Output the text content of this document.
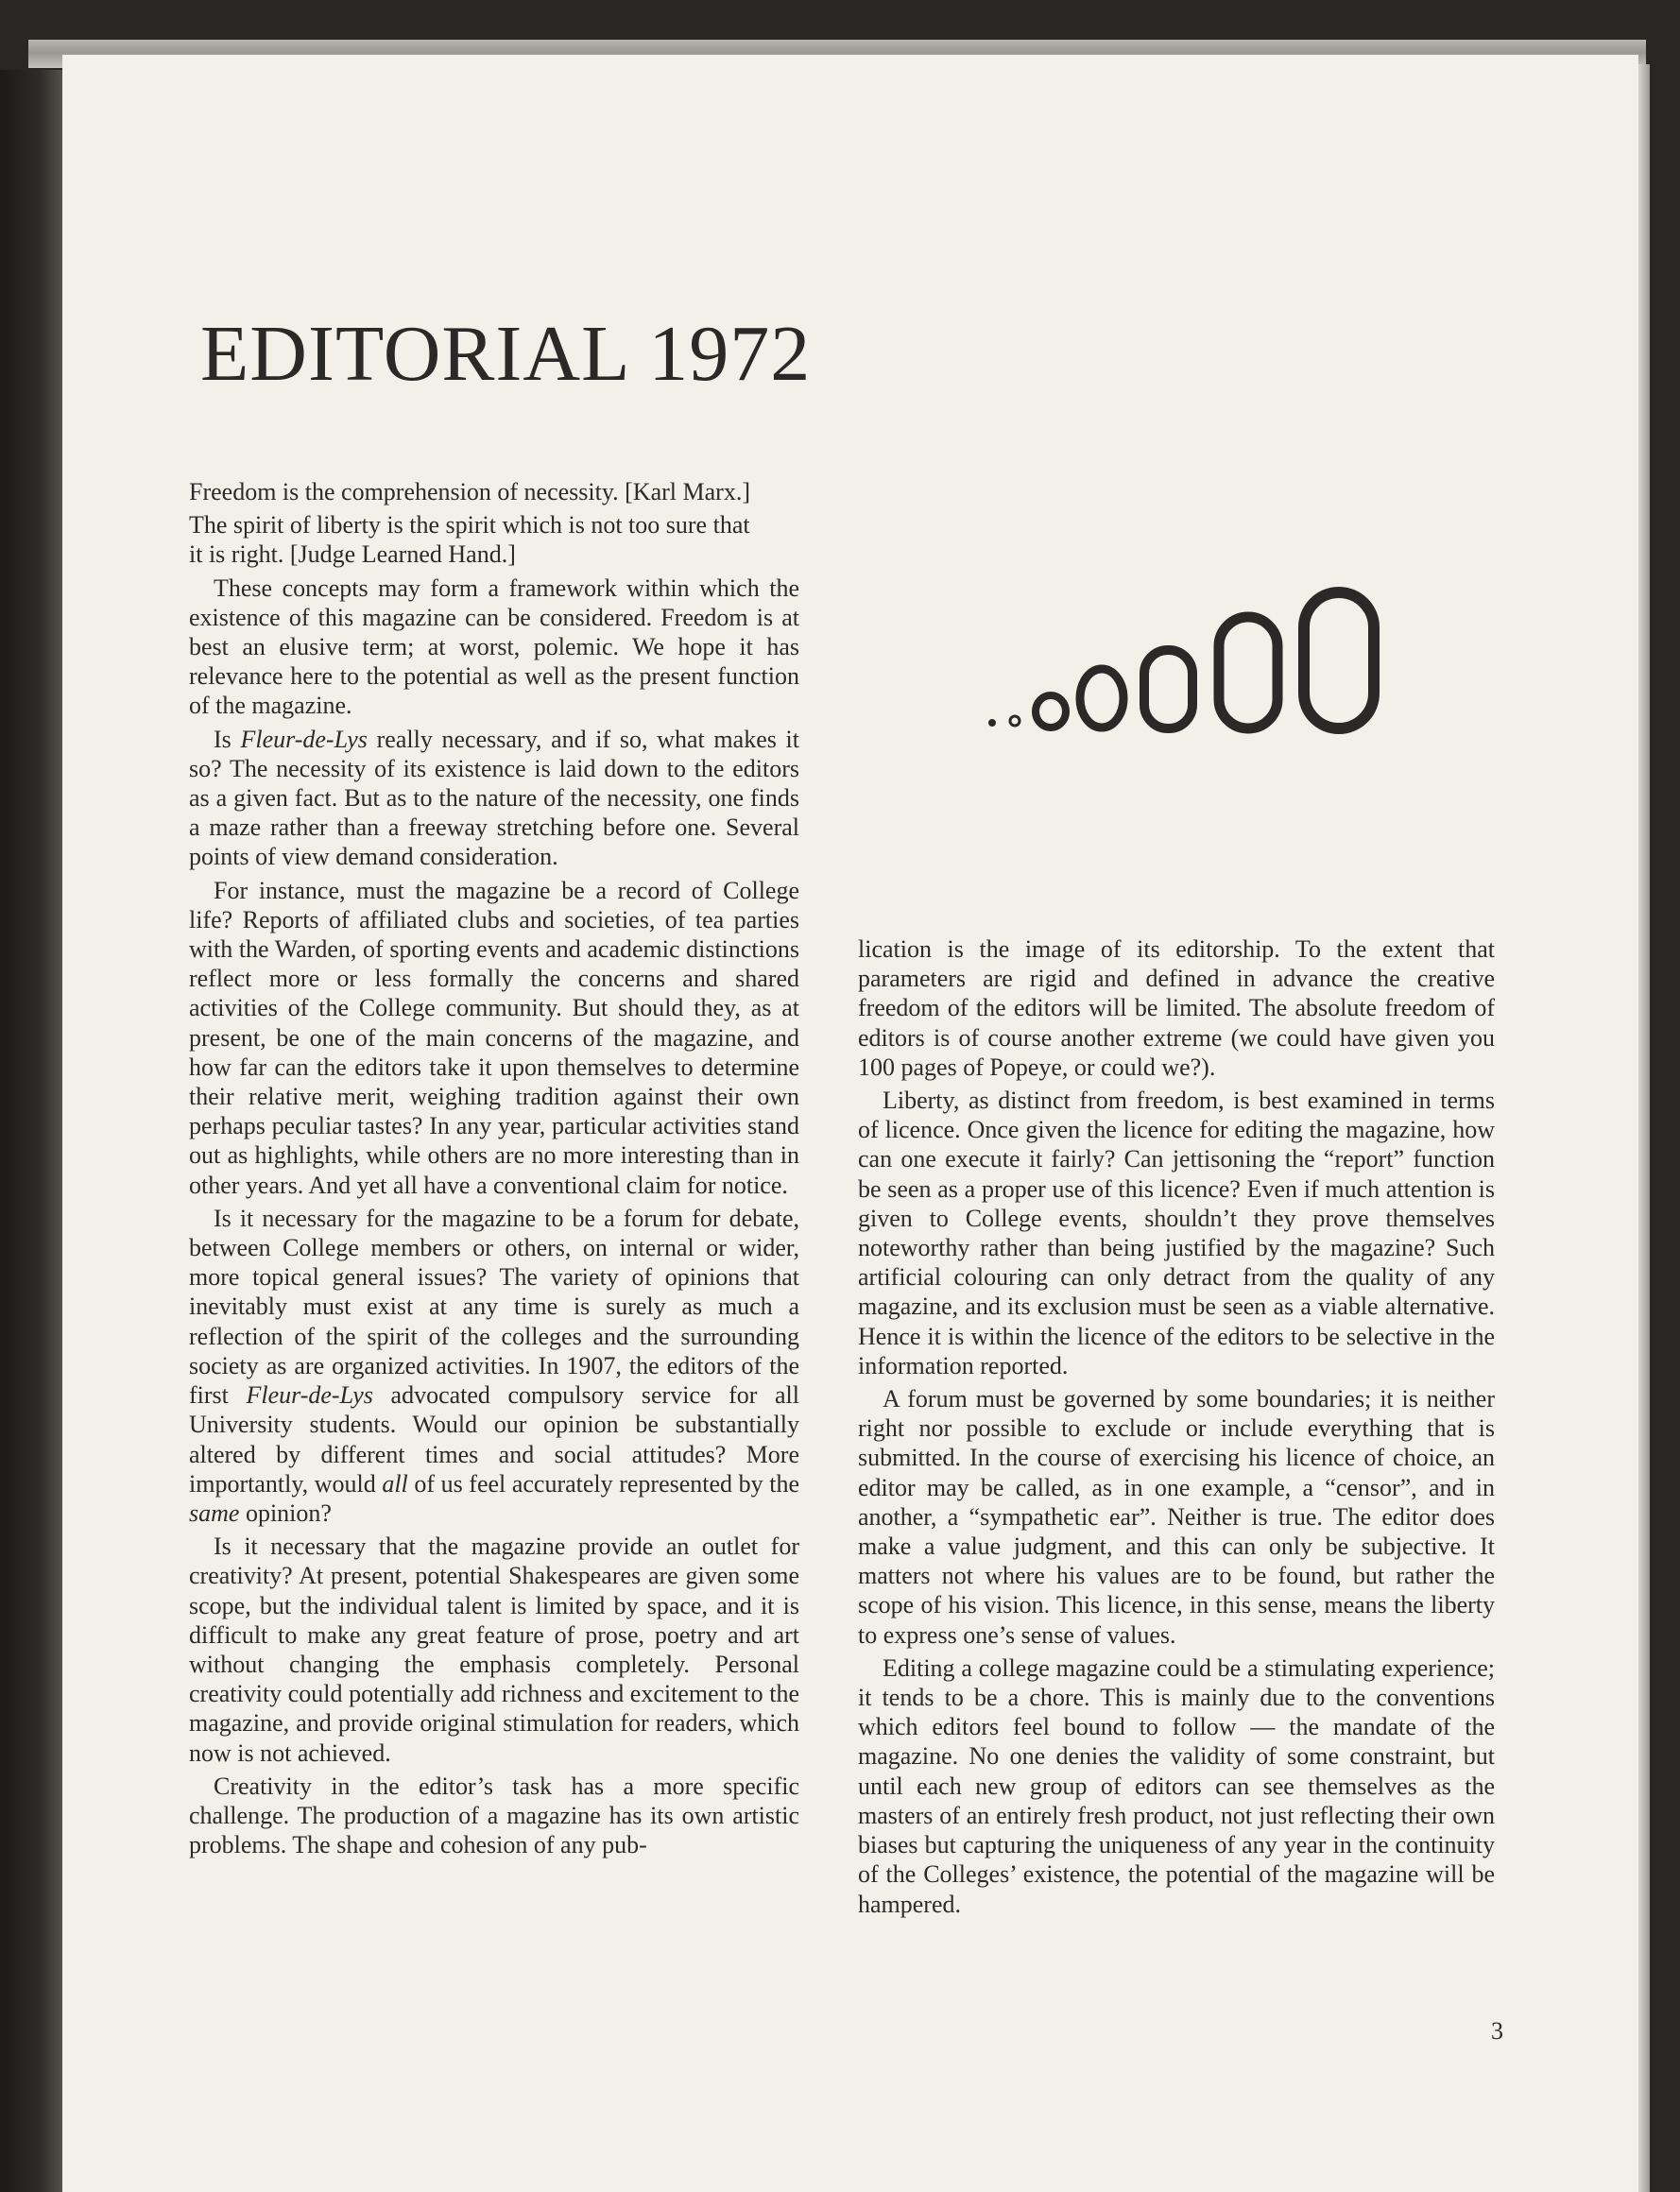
EDITORIAL 1972

Freedom is the comprehension of necessity. [Karl Marx.]

The spirit of liberty is the spirit which is not too sure that it is right. [Judge Learned Hand.]

These concepts may form a framework within which the existence of this magazine can be considered. Freedom is at best an elusive term; at worst, polemic. We hope it has relevance here to the potential as well as the present function of the magazine.

Is Fleur-de-Lys really necessary, and if so, what makes it so? The necessity of its existence is laid down to the editors as a given fact. But as to the nature of the necessity, one finds a maze rather than a freeway stretching before one. Several points of view demand consideration.

For instance, must the magazine be a record of College life? Reports of affiliated clubs and societies, of tea parties with the Warden, of sporting events and academic distinctions reflect more or less formally the concerns and shared activities of the College community. But should they, as at present, be one of the main concerns of the magazine, and how far can the editors take it upon themselves to determine their relative merit, weighing tradition against their own perhaps peculiar tastes? In any year, particular activities stand out as highlights, while others are no more interesting than in other years. And yet all have a conventional claim for notice.

Is it necessary for the magazine to be a forum for debate, between College members or others, on internal or wider, more topical general issues? The variety of opinions that inevitably must exist at any time is surely as much a reflection of the spirit of the colleges and the surrounding society as are organized activities. In 1907, the editors of the first Fleur-de-Lys advocated compulsory service for all University students. Would our opinion be substantially altered by different times and social attitudes? More importantly, would all of us feel accurately represented by the same opinion?

Is it necessary that the magazine provide an outlet for creativity? At present, potential Shakespeares are given some scope, but the individual talent is limited by space, and it is difficult to make any great feature of prose, poetry and art without changing the emphasis completely. Personal creativity could potentially add richness and excitement to the magazine, and provide original stimulation for readers, which now is not achieved.

Creativity in the editor’s task has a more specific challenge. The production of a magazine has its own artistic problems. The shape and cohesion of any pub-

lication is the image of its editorship. To the extent that parameters are rigid and defined in advance the creative freedom of the editors will be limited. The absolute freedom of editors is of course another extreme (we could have given you 100 pages of Popeye, or could we?).

Liberty, as distinct from freedom, is best examined in terms of licence. Once given the licence for editing the magazine, how can one execute it fairly? Can jettisoning the “report” function be seen as a proper use of this licence? Even if much attention is given to College events, shouldn’t they prove themselves noteworthy rather than being justified by the magazine? Such artificial colouring can only detract from the quality of any magazine, and its exclusion must be seen as a viable alternative. Hence it is within the licence of the editors to be selective in the information reported.

A forum must be governed by some boundaries; it is neither right nor possible to exclude or include everything that is submitted. In the course of exercising his licence of choice, an editor may be called, as in one example, a “censor”, and in another, a “sympathetic ear”. Neither is true. The editor does make a value judgment, and this can only be subjective. It matters not where his values are to be found, but rather the scope of his vision. This licence, in this sense, means the liberty to express one’s sense of values.

Editing a college magazine could be a stimulating experience; it tends to be a chore. This is mainly due to the conventions which editors feel bound to follow — the mandate of the magazine. No one denies the validity of some constraint, but until each new group of editors can see themselves as the masters of an entirely fresh product, not just reflecting their own biases but capturing the uniqueness of any year in the continuity of the Colleges’ existence, the potential of the magazine will be hampered.

3
